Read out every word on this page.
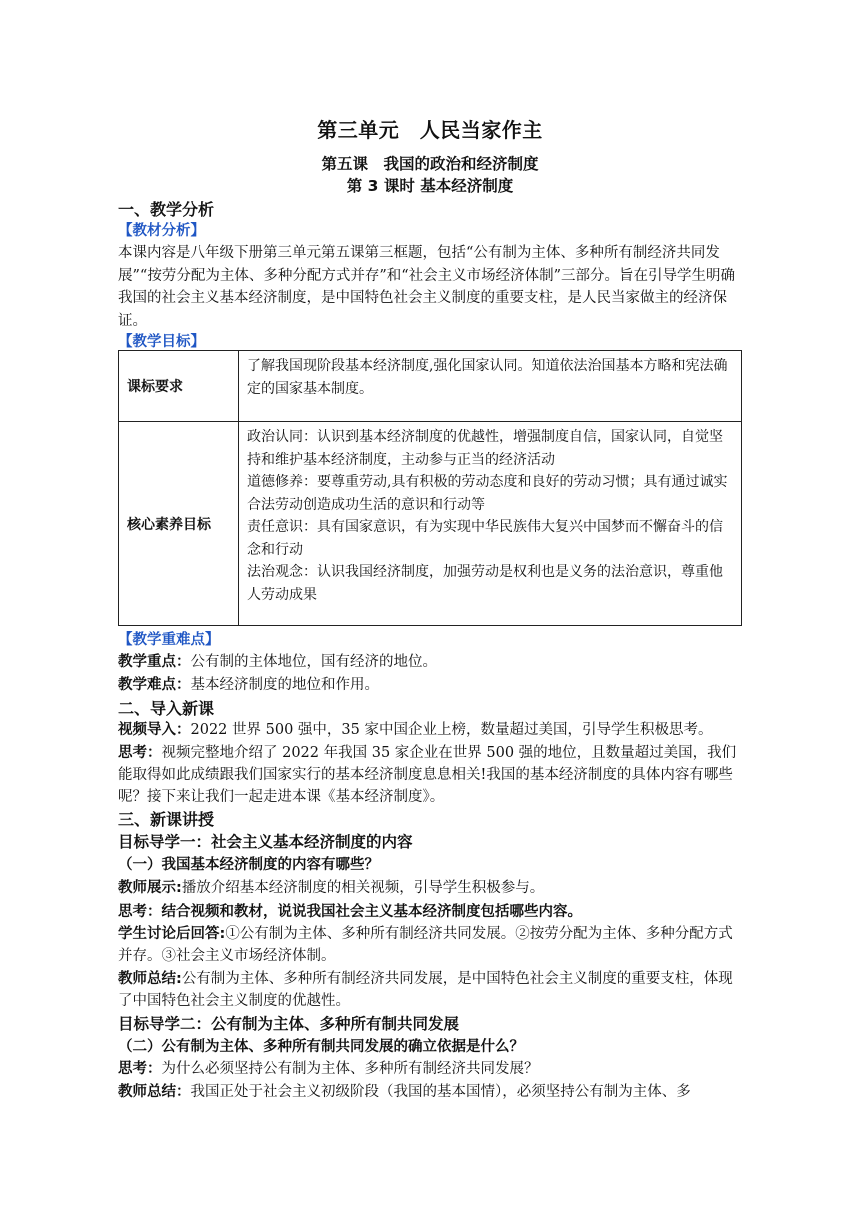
第三单元　人民当家作主
第五课　我国的政治和经济制度
第 3 课时 基本经济制度
一、教学分析
【教材分析】
本课内容是八年级下册第三单元第五课第三框题，包括“公有制为主体、多种所有制经济共同发展”“按劳分配为主体、多种分配方式并存”和“社会主义市场经济体制”三部分。旨在引导学生明确我国的社会主义基本经济制度，是中国特色社会主义制度的重要支柱，是人民当家做主的经济保证。
【教学目标】
课标要求	了解我国现阶段基本经济制度,强化国家认同。知道依法治国基本方略和宪法确定的国家基本制度。
核心素养目标	政治认同：认识到基本经济制度的优越性，增强制度自信，国家认同，自觉坚持和维护基本经济制度，主动参与正当的经济活动
道德修养：要尊重劳动,具有积极的劳动态度和良好的劳动习惯；具有通过诚实合法劳动创造成功生活的意识和行动等
责任意识：具有国家意识，有为实现中华民族伟大复兴中国梦而不懈奋斗的信念和行动
法治观念：认识我国经济制度，加强劳动是权利也是义务的法治意识，尊重他人劳动成果
【教学重难点】
教学重点：公有制的主体地位，国有经济的地位。
教学难点：基本经济制度的地位和作用。
二、导入新课
视频导入：2022 世界 500 强中，35 家中国企业上榜，数量超过美国，引导学生积极思考。
思考：视频完整地介绍了 2022 年我国 35 家企业在世界 500 强的地位，且数量超过美国，我们能取得如此成绩跟我们国家实行的基本经济制度息息相关!我国的基本经济制度的具体内容有哪些呢？接下来让我们一起走进本课《基本经济制度》。
三、新课讲授
目标导学一：社会主义基本经济制度的内容
（一）我国基本经济制度的内容有哪些？
教师展示:播放介绍基本经济制度的相关视频，引导学生积极参与。
思考：结合视频和教材，说说我国社会主义基本经济制度包括哪些内容。
学生讨论后回答:①公有制为主体、多种所有制经济共同发展。②按劳分配为主体、多种分配方式并存。③社会主义市场经济体制。
教师总结:公有制为主体、多种所有制经济共同发展，是中国特色社会主义制度的重要支柱，体现了中国特色社会主义制度的优越性。
目标导学二：公有制为主体、多种所有制共同发展
（二）公有制为主体、多种所有制共同发展的确立依据是什么？
思考：为什么必须坚持公有制为主体、多种所有制经济共同发展？
教师总结：我国正处于社会主义初级阶段（我国的基本国情），必须坚持公有制为主体、多
